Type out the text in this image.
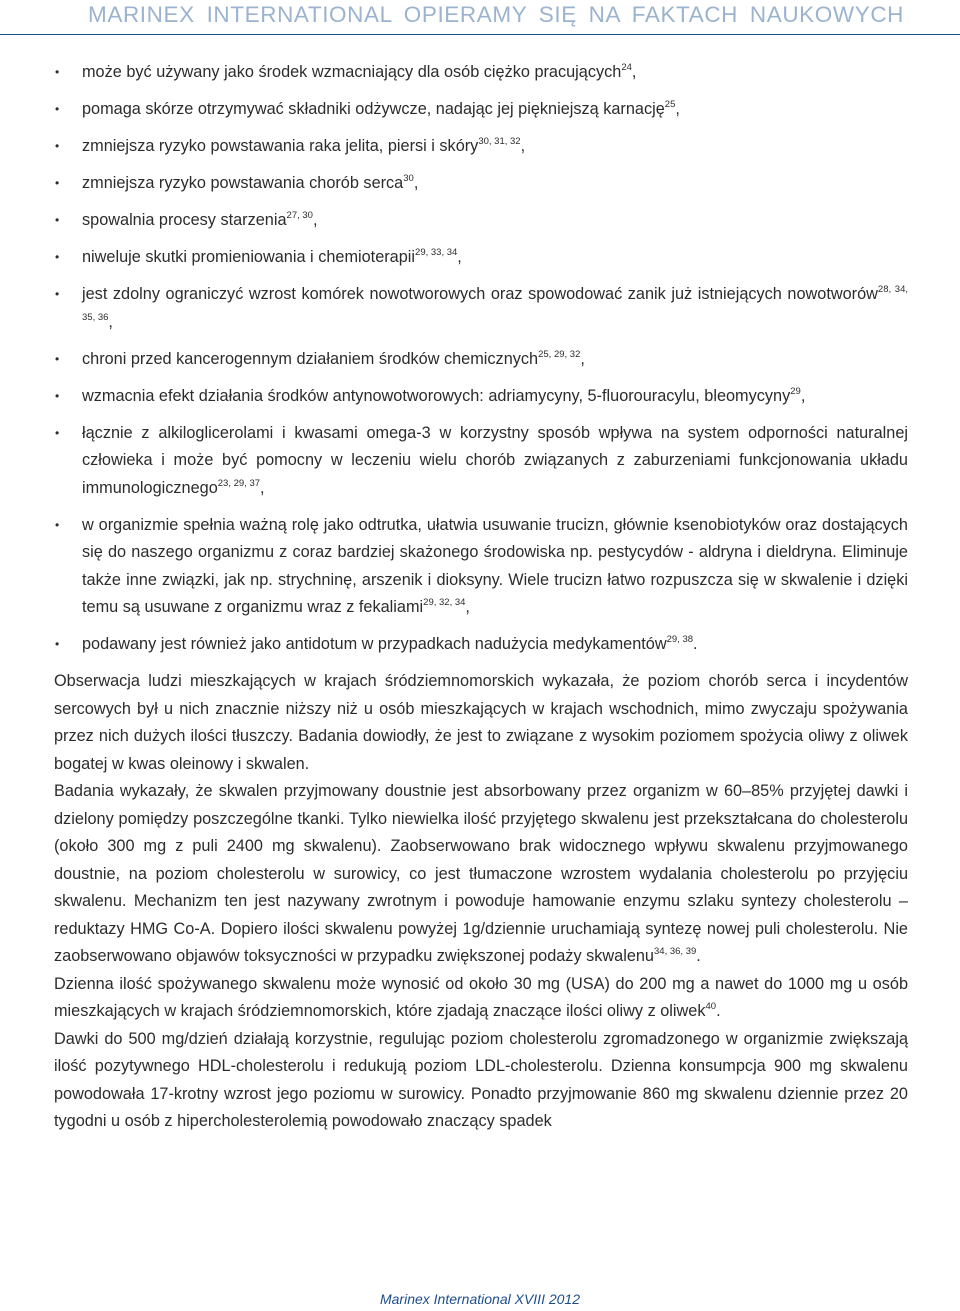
MARINEX INTERNATIONAL OPIERAMY SIĘ NA FAKTACH NAUKOWYCH
• może być używany jako środek wzmacniający dla osób ciężko pracujących$^{24}$,
• pomaga skórze otrzymywać składniki odżywcze, nadając jej piękniejszą karnację$^{25}$,
• zmniejsza ryzyko powstawania raka jelita, piersi i skóry$^{30, 31, 32}$,
• zmniejsza ryzyko powstawania chorób serca$^{30}$,
• spowalnia procesy starzenia$^{27, 30}$,
• niweluje skutki promieniowania i chemioterapii$^{29, 33, 34}$,
• jest zdolny ograniczyć wzrost komórek nowotworowych oraz spowodować zanik już istniejących nowotworów$^{28, 34, 35, 36}$,
• chroni przed kancerogennym działaniem środków chemicznych$^{25, 29, 32}$,
• wzmacnia efekt działania środków antynowotworowych: adriamycyny, 5-fluorouracylu, bleomycyny$^{29}$,
• łącznie z alkiloglicerolami i kwasami omega-3 w korzystny sposób wpływa na system odporności naturalnej człowieka i może być pomocny w leczeniu wielu chorób związanych z zaburzeniami funkcjonowania układu immunologicznego$^{23, 29, 37}$,
• w organizmie spełnia ważną rolę jako odtrutka, ułatwia usuwanie trucizn, głównie ksenobiotyków oraz dostających się do naszego organizmu z coraz bardziej skażonego środowiska np. pestycydów - aldryna i dieldryna. Eliminuje także inne związki, jak np. strychninę, arszenik i dioksyny. Wiele trucizn łatwo rozpuszcza się w skwalenie i dzięki temu są usuwane z organizmu wraz z fekaliami$^{29, 32, 34}$,
• podawany jest również jako antidotum w przypadkach nadużycia medykamentów$^{29, 38}$.

Obserwacja ludzi mieszkających w krajach śródziemnomorskich wykazała, że poziom chorób serca i incydentów sercowych był u nich znacznie niższy niż u osób mieszkających w krajach wschodnich, mimo zwyczaju spożywania przez nich dużych ilości tłuszczy. Badania dowiodły, że jest to związane z wysokim poziomem spożycia oliwy z oliwek bogatej w kwas oleinowy i skwalen.

Badania wykazały, że skwalen przyjmowany doustnie jest absorbowany przez organizm w 60–85% przyjętej dawki i dzielony pomiędzy poszczególne tkanki. Tylko niewielka ilość przyjętego skwalenu jest przekształcana do cholesterolu (około 300 mg z puli 2400 mg skwalenu). Zaobserwowano brak widocznego wpływu skwalenu przyjmowanego doustnie, na poziom cholesterolu w surowicy, co jest tłumaczone wzrostem wydalania cholesterolu po przyjęciu skwalenu. Mechanizm ten jest nazywany zwrotnym i powoduje hamowanie enzymu szlaku syntezy cholesterolu – reduktazy HMG Co-A. Dopiero ilości skwalenu powyżej 1g/dziennie uruchamiają syntezę nowej puli cholesterolu. Nie zaobserwowano objawów toksyczności w przypadku zwiększonej podaży skwalenu$^{34, 36, 39}$.

Dzienna ilość spożywanego skwalenu może wynosić od około 30 mg (USA) do 200 mg a nawet do 1000 mg u osób mieszkających w krajach śródziemnomorskich, które zjadają znaczące ilości oliwy z oliwek$^{40}$.

Dawki do 500 mg/dzień działają korzystnie, regulując poziom cholesterolu zgromadzonego w organizmie zwiększają ilość pozytywnego HDL-cholesterolu i redukują poziom LDL-cholesterolu. Dzienna konsumpcja 900 mg skwalenu powodowała 17-krotny wzrost jego poziomu w surowicy. Ponadto przyjmowanie 860 mg skwalenu dziennie przez 20 tygodni u osób z hipercholesterolemią powodowało znaczący spadek

Marinex International XVIII 2012
